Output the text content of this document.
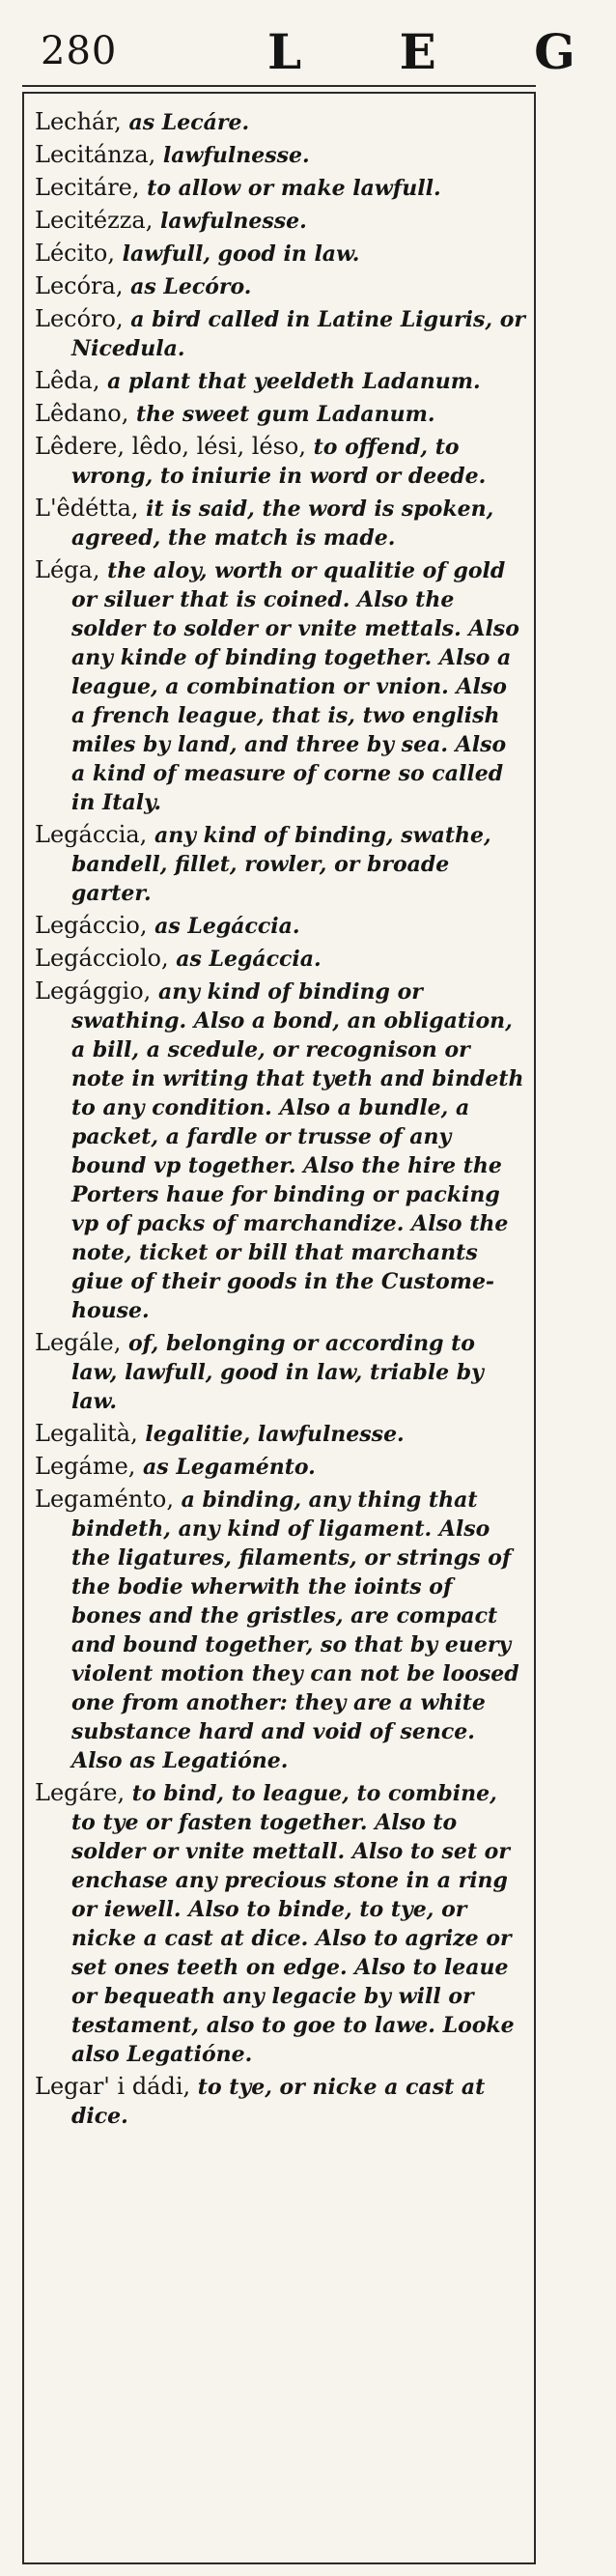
280	L E G

Lechár, as Lecáre.

Lecitánza, lawfulnesse.

Lecitáre, to allow or make lawfull.

Lecitézza, lawfulnesse.

Lécito, lawfull, good in law.

Lecóra, as Lecóro.

Lecóro, a bird called in Latine Liguris, or Nicedula.

Lêda, a plant that yeeldeth Ladanum.

Lêdano, the sweet gum Ladanum.

Lêdere, lêdo, lési, léso, to offend, to wrong, to iniurie in word or deede.

L'êdétta, it is said, the word is spoken, agreed, the match is made.

Léga, the aloy, worth or qualitie of gold or siluer that is coined. Also the solder to solder or vnite mettals. Also any kinde of binding together. Also a league, a combination or vnion. Also a french league, that is, two english miles by land, and three by sea. Also a kind of measure of corne so called in Italy.

Legáccia, any kind of binding, swathe, bandell, fillet, rowler, or broade garter.

Legáccio, as Legáccia.

Legácciolo, as Legáccia.

Legággio, any kind of binding or swathing. Also a bond, an obligation, a bill, a scedule, or recognison or note in writing that tyeth and bindeth to any condition. Also a bundle, a packet, a fardle or trusse of any bound vp together. Also the hire the Porters haue for binding or packing vp of packs of marchandize. Also the note, ticket or bill that marchants giue of their goods in the Custome-house.

Legále, of, belonging or according to law, lawfull, good in law, triable by law.

Legalità, legalitie, lawfulnesse.

Legáme, as Legaménto.

Legaménto, a binding, any thing that bindeth, any kind of ligament. Also the ligatures, filaments, or strings of the bodie wherwith the ioints of bones and the gristles, are compact and bound together, so that by euery violent motion they can not be loosed one from another: they are a white substance hard and void of sence. Also as Legatióne.

Legáre, to bind, to league, to combine, to tye or fasten together. Also to solder or vnite mettall. Also to set or enchase any precious stone in a ring or iewell. Also to binde, to tye, or nicke a cast at dice. Also to agrize or set ones teeth on edge. Also to leaue or bequeath any legacie by will or testament, also to goe to lawe. Looke also Legatióne.

Legar' i dádi, to tye, or nicke a cast at dice.
